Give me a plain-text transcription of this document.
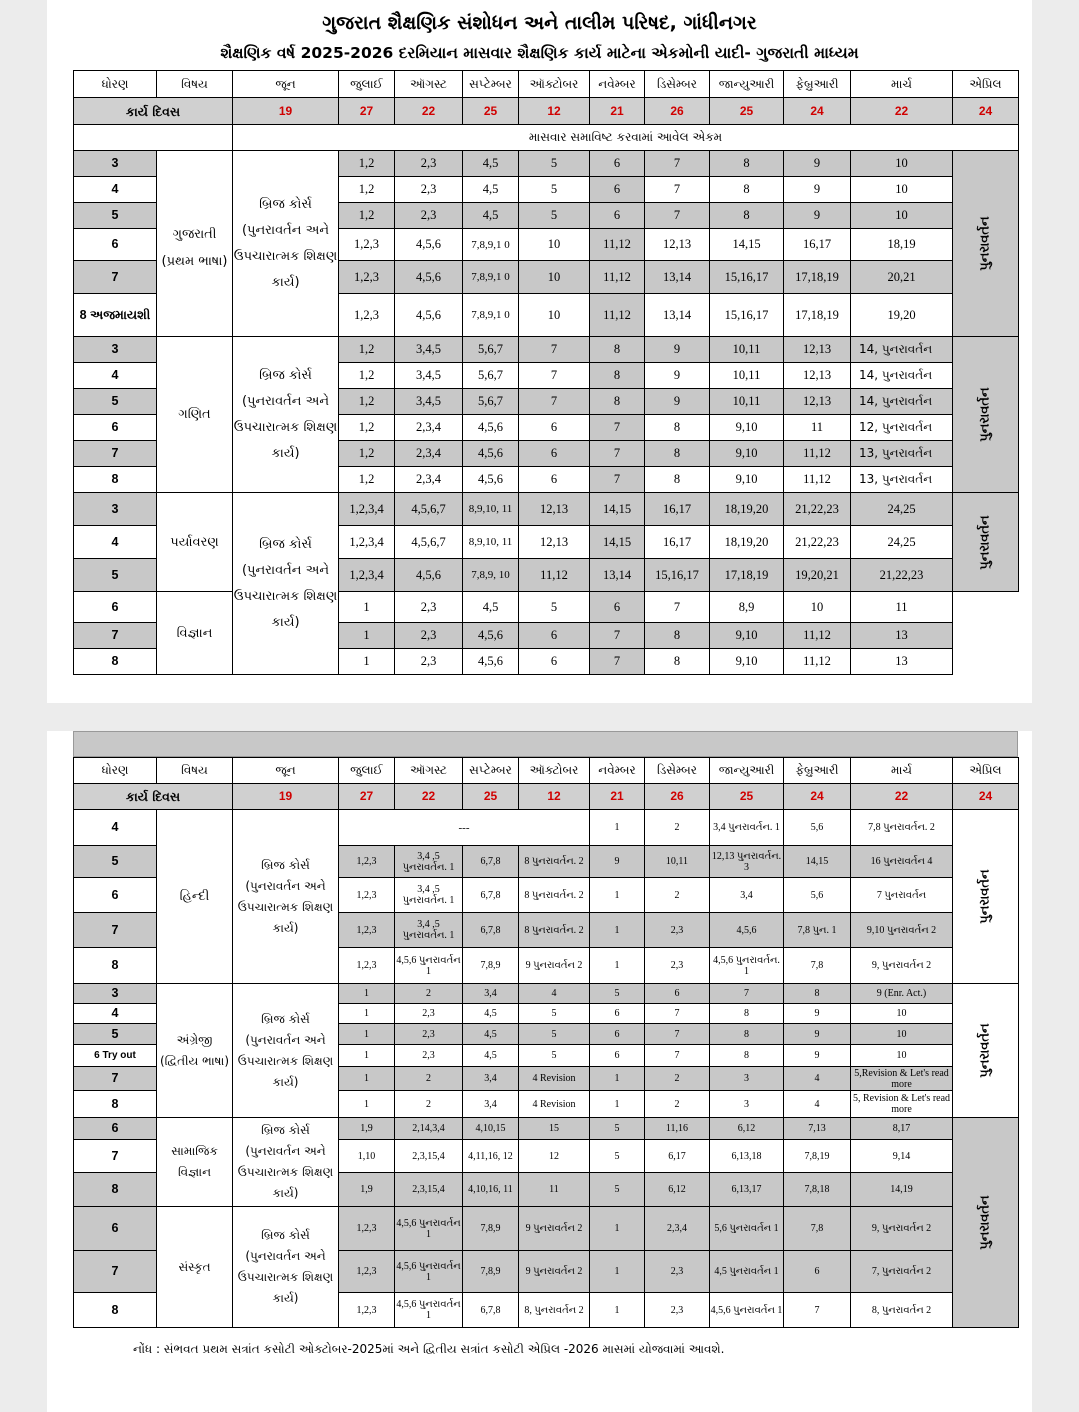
ગુજરાત શૈક્ષણિક સંશોધન અને તાલીમ પરિષદ, ગાંધીનગર
શૈક્ષણિક વર્ષ 2025-2026 દરમિયાન માસવાર શૈક્ષણિક કાર્ય માટેના એકમોની યાદી- ગુજરાતી માધ્યમ
ધોરણ	વિષય	જૂન	જુલાઈ	ઑગસ્ટ	સપ્ટેમ્બર	ઑક્ટોબર	નવેમ્બર	ડિસેમ્બર	જાન્યુઆરી	ફેબ્રુઆરી	માર્ચ	એપ્રિલ
કાર્ય દિવસ		19	27	22	25	12	21	26	25	24	22	24
		માસવાર સમાવિષ્ટ કરવામાં આવેલ એકમ										
3	ગુજરાતી (પ્રથમ ભાષા)	બ્રિજ કોર્સ (પુનરાવર્તન અને ઉપચારાત્મક શિક્ષણ કાર્ય)	1,2	2,3	4,5	5	6	7	8	9	10	પુનરાવર્તન
4			1,2	2,3	4,5	5	6	7	8	9	10	
5			1,2	2,3	4,5	5	6	7	8	9	10	
6			1,2,3	4,5,6	7,8,9,1 0	10	11,12	12,13	14,15	16,17	18,19	
7			1,2,3	4,5,6	7,8,9,1 0	10	11,12	13,14	15,16,17	17,18,19	20,21	
8 અજમાયશી			1,2,3	4,5,6	7,8,9,1 0	10	11,12	13,14	15,16,17	17,18,19	19,20	
3	ગણિત	બ્રિજ કોર્સ (પુનરાવર્તન અને ઉપચારાત્મક શિક્ષણ કાર્ય)	1,2	3,4,5	5,6,7	7	8	9	10,11	12,13	14, પુનરાવર્તન	પુનરાવર્તન
4			1,2	3,4,5	5,6,7	7	8	9	10,11	12,13	14, પુનરાવર્તન	
5			1,2	3,4,5	5,6,7	7	8	9	10,11	12,13	14, પુનરાવર્તન	
6			1,2	2,3,4	4,5,6	6	7	8	9,10	11	12, પુનરાવર્તન	
7			1,2	2,3,4	4,5,6	6	7	8	9,10	11,12	13, પુનરાવર્તન	
8			1,2	2,3,4	4,5,6	6	7	8	9,10	11,12	13, પુનરાવર્તન	
3	પર્યાવરણ	બ્રિજ કોર્સ (પુનરાવર્તન અને ઉપચારાત્મક શિક્ષણ કાર્ય)	1,2,3,4	4,5,6,7	8,9,10, 11	12,13	14,15	16,17	18,19,20	21,22,23	24,25	પુનરાવર્તન
4			1,2,3,4	4,5,6,7	8,9,10, 11	12,13	14,15	16,17	18,19,20	21,22,23	24,25	
5			1,2,3,4	4,5,6	7,8,9, 10	11,12	13,14	15,16,17	17,18,19	19,20,21	21,22,23	
6	વિજ્ઞાન		1	2,3	4,5	5	6	7	8,9	10	11	
7			1	2,3	4,5,6	6	7	8	9,10	11,12	13	
8			1	2,3	4,5,6	6	7	8	9,10	11,12	13	
ધોરણ	વિષય	જૂન	જુલાઈ	ઑગસ્ટ	સપ્ટેમ્બર	ઑક્ટોબર	નવેમ્બર	ડિસેમ્બર	જાન્યુઆરી	ફેબ્રુઆરી	માર્ચ	એપ્રિલ
કાર્ય દિવસ		19	27	22	25	12	21	26	25	24	22	24
4	હિન્દી	બ્રિજ કોર્સ (પુનરાવર્તન અને ઉપચારાત્મક શિક્ષણ કાર્ય)	---				1	2	3,4 પુનરાવર્તન. 1	5,6	7,8 પુનરાવર્તન. 2	પુનરાવર્તન
5			1,2,3	3,4 ,5 પુનરાવર્તન. 1	6,7,8	8 પુનરાવર્તન. 2	9	10,11	12,13 પુનરાવર્તન. 3	14,15	16 પુનરાવર્તન 4	
6			1,2,3	3,4 ,5 પુનરાવર્તન. 1	6,7,8	8 પુનરાવર્તન. 2	1	2	3,4	5,6	7 પુનરાવર્તન	
7			1,2,3	3,4 ,5 પુનરાવર્તન. 1	6,7,8	8 પુનરાવર્તન. 2	1	2,3	4,5,6	7,8 પુન. 1	9,10 પુનરાવર્તન 2	
8			1,2,3	4,5,6 પુનરાવર્તન 1	7,8,9	9 પુનરાવર્તન 2	1	2,3	4,5,6 પુનરાવર્તન. 1	7,8	9, પુનરાવર્તન 2	
3	અંગ્રેજી (દ્વિતીય ભાષા)	બ્રિજ કોર્સ (પુનરાવર્તન અને ઉપચારાત્મક શિક્ષણ કાર્ય)	1	2	3,4	4	5	6	7	8	9 (Enr. Act.)	પુનરાવર્તન
4			1	2,3	4,5	5	6	7	8	9	10	
5			1	2,3	4,5	5	6	7	8	9	10	
6 Try out			1	2,3	4,5	5	6	7	8	9	10	
7			1	2	3,4	4 Revision	1	2	3	4	5,Revision & Let's read more	
8			1	2	3,4	4 Revision	1	2	3	4	5, Revision & Let's read more	
6	સામાજિક વિજ્ઞાન	બ્રિજ કોર્સ (પુનરાવર્તન અને ઉપચારાત્મક શિક્ષણ કાર્ય)	1,9	2,14,3,4	4,10,15	15	5	11,16	6,12	7,13	8,17	પુનરાવર્તન
7			1,10	2,3,15,4	4,11,16, 12	12	5	6,17	6,13,18	7,8,19	9,14	
8			1,9	2,3,15,4	4,10,16, 11	11	5	6,12	6,13,17	7,8,18	14,19	
6	સંસ્કૃત	બ્રિજ કોર્સ (પુનરાવર્તન અને ઉપચારાત્મક શિક્ષણ કાર્ય)	1,2,3	4,5,6 પુનરાવર્તન 1	7,8,9	9 પુનરાવર્તન 2	1	2,3,4	5,6 પુનરાવર્તન 1	7,8	9, પુનરાવર્તન 2	
7			1,2,3	4,5,6 પુનરાવર્તન 1	7,8,9	9 પુનરાવર્તન 2	1	2,3	4,5 પુનરાવર્તન 1	6	7, પુનરાવર્તન 2	
8			1,2,3	4,5,6 પુનરાવર્તન 1	6,7,8	8, પુનરાવર્તન 2	1	2,3	4,5,6 પુનરાવર્તન 1	7	8, પુનરાવર્તન 2	
નોંધ : સંભવત પ્રથમ સત્રાંત કસોટી ઓક્ટોબર-2025માં અને દ્વિતીય સત્રાંત કસોટી એપ્રિલ -2026 માસમાં યોજવામાં આવશે.
